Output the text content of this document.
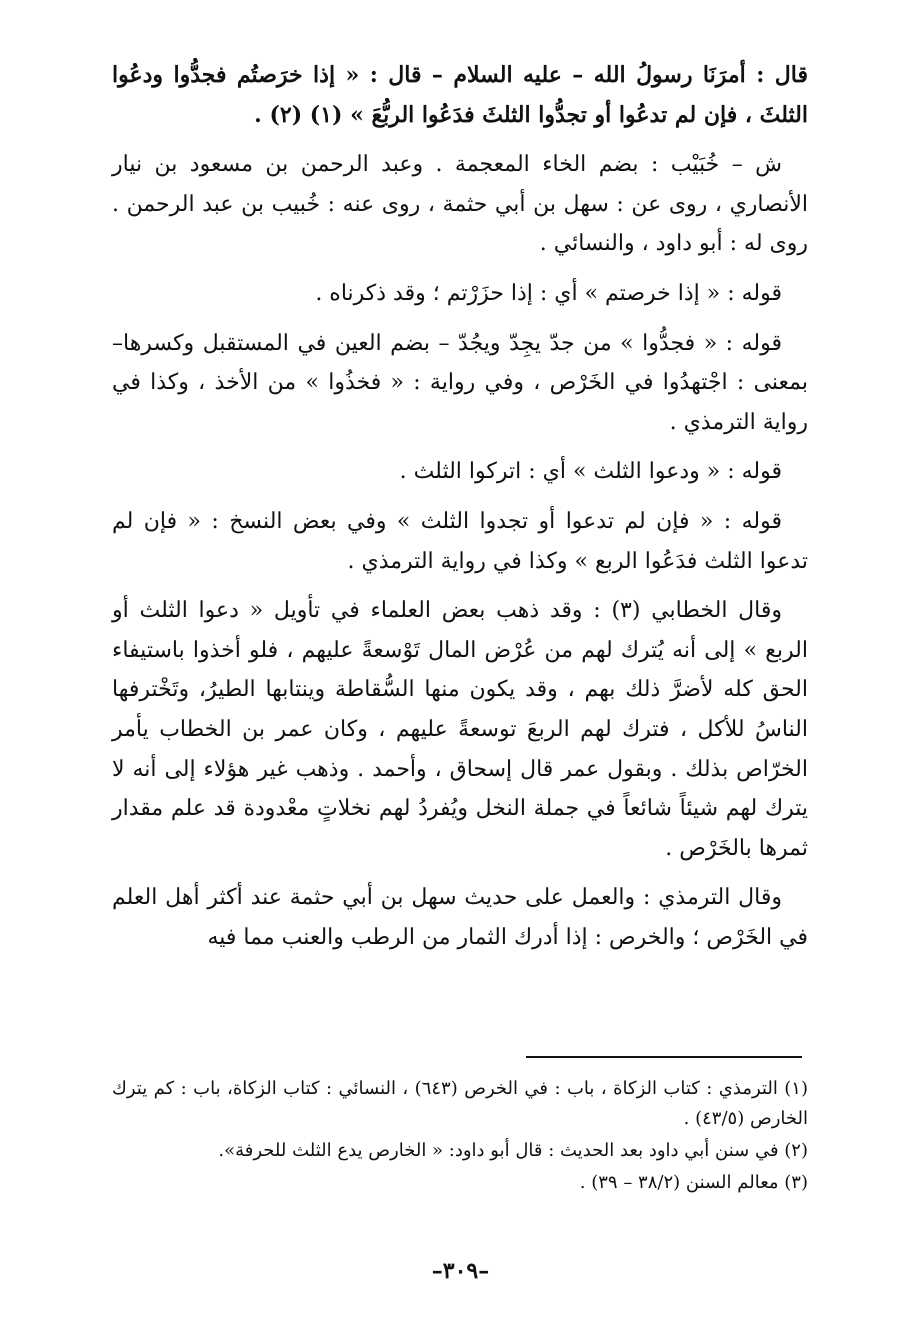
قال : أمرَنَا رسولُ الله – عليه السلام – قال : « إذا خرَصتُم فجدُّوا ودعُوا الثلثَ ، فإن لم تدعُوا أو تجدُّوا الثلثَ فدَعُوا الربُّعَ » (١) (٢) .

ش – خُبَيْب : بضم الخاء المعجمة . وعبد الرحمن بن مسعود بن نيار الأنصاري ، روى عن : سهل بن أبي حثمة ، روى عنه : خُبيب بن عبد الرحمن . روى له : أبو داود ، والنسائي .

قوله : « إذا خرصتم » أي : إذا حزَرْتم ؛ وقد ذكرناه .

قوله : « فجدُّوا » من جدّ يجِدّ ويجُدّ – بضم العين في المستقبل وكسرها– بمعنى : اجْتهدُوا في الخَرْص ، وفي رواية : « فخذُوا » من الأخذ ، وكذا في رواية الترمذي .

قوله : « ودعوا الثلث » أي : اتركوا الثلث .

قوله : « فإن لم تدعوا أو تجدوا الثلث » وفي بعض النسخ : « فإن لم تدعوا الثلث فدَعُوا الربع » وكذا في رواية الترمذي .

وقال الخطابي (٣) : وقد ذهب بعض العلماء في تأويل « دعوا الثلث أو الربع » إلى أنه يُترك لهم من عُرْض المال تَوْسعةً عليهم ، فلو أخذوا باستيفاء الحق كله لأضرَّ ذلك بهم ، وقد يكون منها السُّقاطة وينتابها الطيرُ، وتَخْترفها الناسُ للأكل ، فترك لهم الربعَ توسعةً عليهم ، وكان عمر بن الخطاب يأمر الخرّاص بذلك . وبقول عمر قال إسحاق ، وأحمد . وذهب غير هؤلاء إلى أنه لا يترك لهم شيئاً شائعاً في جملة النخل ويُفردُ لهم نخلاتٍ معْدودة قد علم مقدار ثمرها بالخَرْص .

وقال الترمذي : والعمل على حديث سهل بن أبي حثمة عند أكثر أهل العلم في الخَرْص ؛ والخرص : إذا أدرك الثمار من الرطب والعنب مما فيه

(١) الترمذي : كتاب الزكاة ، باب : في الخرص (٦٤٣) ، النسائي : كتاب الزكاة، باب : كم يترك الخارص (٤٣/٥) .

(٢) في سنن أبي داود بعد الحديث : قال أبو داود: « الخارص يدع الثلث للحرفة».

(٣) معالم السنن (٣٨/٢ – ٣٩) .

–٣٠٩–
